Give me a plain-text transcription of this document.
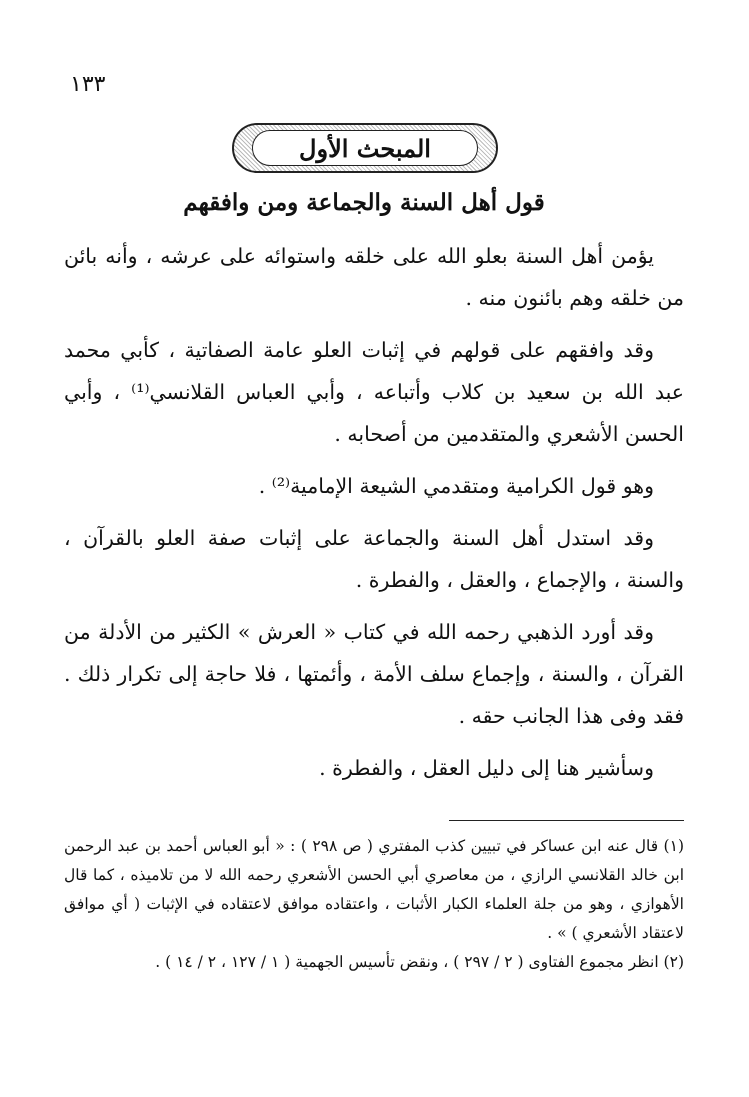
١٣٣
المبحث الأول
قول أهل السنة والجماعة ومن وافقهم

يؤمن أهل السنة بعلو الله على خلقه واستوائه على عرشه ، وأنه بائن من خلقه وهم بائنون منه .

وقد وافقهم على قولهم في إثبات العلو عامة الصفاتية ، كأبي محمد عبد الله بن سعيد بن كلاب وأتباعه ، وأبي العباس القلانسي⁽¹⁾ ، وأبي الحسن الأشعري والمتقدمين من أصحابه .

وهو قول الكرامية ومتقدمي الشيعة الإمامية⁽²⁾ .

وقد استدل أهل السنة والجماعة على إثبات صفة العلو بالقرآن ، والسنة ، والإجماع ، والعقل ، والفطرة .

وقد أورد الذهبي رحمه الله في كتاب « العرش » الكثير من الأدلة من القرآن ، والسنة ، وإجماع سلف الأمة ، وأئمتها ، فلا حاجة إلى تكرار ذلك . فقد وفى هذا الجانب حقه .

وسأشير هنا إلى دليل العقل ، والفطرة .

(١) قال عنه ابن عساكر في تبيين كذب المفتري ( ص ٢٩٨ ) : « أبو العباس أحمد بن عبد الرحمن ابن خالد القلانسي الرازي ، من معاصري أبي الحسن الأشعري رحمه الله لا من تلاميذه ، كما قال الأهوازي ، وهو من جلة العلماء الكبار الأثبات ، واعتقاده موافق لاعتقاده في الإثبات ( أي موافق لاعتقاد الأشعري ) » .

(٢) انظر مجموع الفتاوى ( ٢ / ٢٩٧ ) ، ونقض تأسيس الجهمية ( ١ / ١٢٧ ، ٢ / ١٤ ) .
